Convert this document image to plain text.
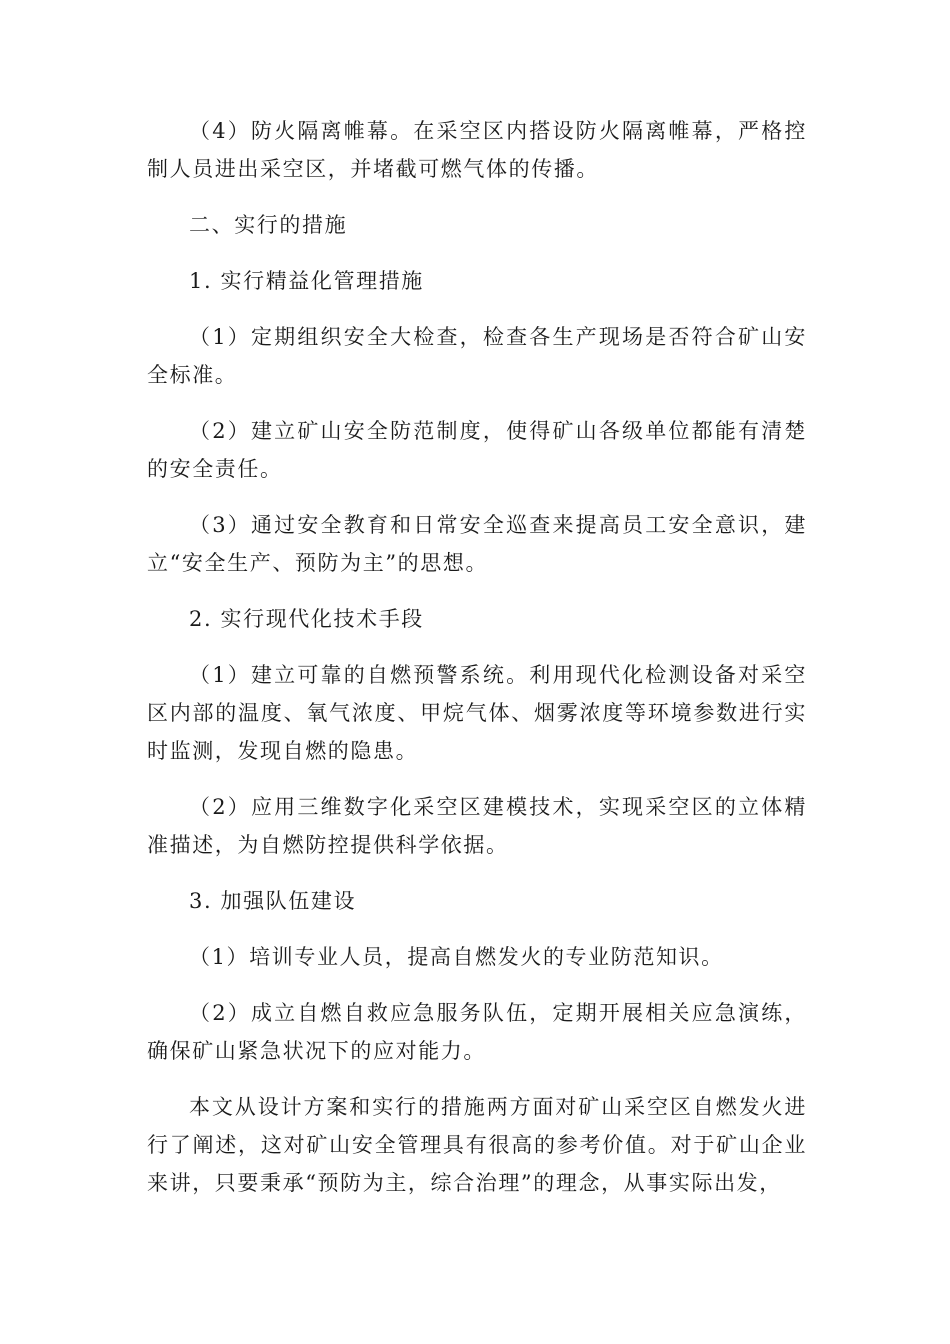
（4）防火隔离帷幕。在采空区内搭设防火隔离帷幕，严格控制人员进出采空区，并堵截可燃气体的传播。

二、实行的措施

1. 实行精益化管理措施

（1）定期组织安全大检查，检查各生产现场是否符合矿山安全标准。

（2）建立矿山安全防范制度，使得矿山各级单位都能有清楚的安全责任。

（3）通过安全教育和日常安全巡查来提高员工安全意识，建立“安全生产、预防为主”的思想。

2. 实行现代化技术手段

（1）建立可靠的自燃预警系统。利用现代化检测设备对采空区内部的温度、氧气浓度、甲烷气体、烟雾浓度等环境参数进行实时监测，发现自燃的隐患。

（2）应用三维数字化采空区建模技术，实现采空区的立体精准描述，为自燃防控提供科学依据。

3. 加强队伍建设

（1）培训专业人员，提高自燃发火的专业防范知识。

（2）成立自燃自救应急服务队伍，定期开展相关应急演练，确保矿山紧急状况下的应对能力。

本文从设计方案和实行的措施两方面对矿山采空区自燃发火进行了阐述，这对矿山安全管理具有很高的参考价值。对于矿山企业来讲，只要秉承“预防为主，综合治理”的理念，从事实际出发，
